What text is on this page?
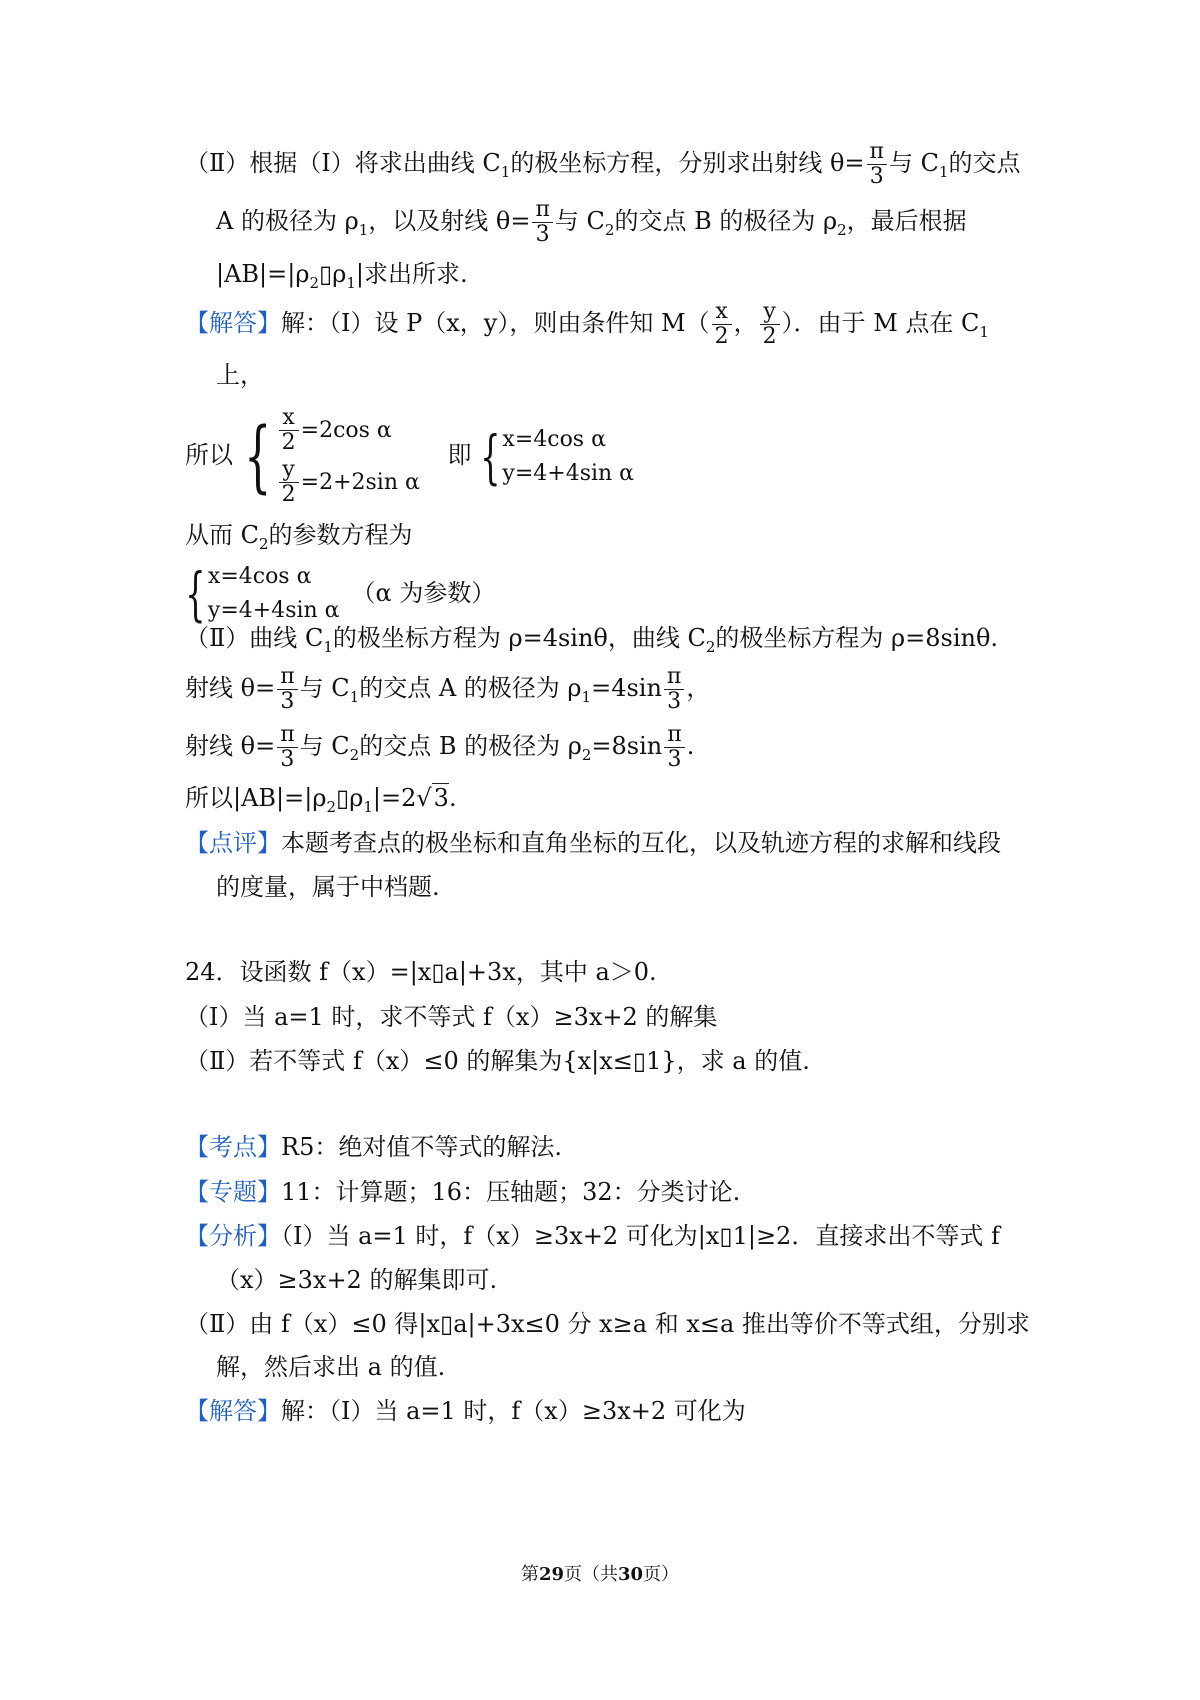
（Ⅱ）根据（Ⅰ）将求出曲线 $C_1$的极坐标方程，分别求出射线 $\theta= \frac{\pi}{3}$ 与 $C_1$的交点
A 的极径为 $\rho_1$，以及射线 $\theta= \frac{\pi}{3}$ 与 $C_2$的交点 B 的极径为 $\rho_2$，最后根据
$|AB|=|\rho_2▯\rho_1|$求出所求.
【解答】解：（Ⅰ）设 P（x，y），则由条件知 $M( \frac{x}{2}$ ， $\frac{y}{2}$ ）．由于 M 点在 $C_1$
上，
所以 { $\frac{x}{2} =2\cos$ α
$\frac{y}{2} =2+2\sin$ α
即 { x=4cos α
y=4+4sin α
从而 $C_2$的参数方程为
{ x=4cos α
y=4+4sin α
（α 为参数）
（Ⅱ）曲线 $C_1$的极坐标方程为 ρ=4sinθ，曲线 $C_2$的极坐标方程为 ρ=8sinθ.
射线 $\theta= \frac{\pi}{3}$ 与 $C_1$的交点 A 的极径为 $\rho_1=4\sin \frac{\pi}{3}$ ，
射线 $\theta= \frac{\pi}{3}$ 与 $C_2$的交点 B 的极径为 $\rho_2=8\sin \frac{\pi}{3}$ .
所以$|AB|=|\rho_2▯\rho_1|=2√3$.
【点评】本题考查点的极坐标和直角坐标的互化，以及轨迹方程的求解和线段
的度量，属于中档题.
24．设函数 f（x）=|x▯a|+3x，其中 a＞0.
（Ⅰ）当 a=1 时，求不等式 f（x）≥3x+2 的解集
（Ⅱ）若不等式 f（x）≤0 的解集为{x|x≤▯1}，求 a 的值.
【考点】R5：绝对值不等式的解法.
【专题】11：计算题；16：压轴题；32：分类讨论.
【分析】（Ⅰ）当 a=1 时，f（x）≥3x+2 可化为|x▯1|≥2．直接求出不等式 f
（x）≥3x+2 的解集即可.
（Ⅱ）由 f（x）≤0 得|x▯a|+3x≤0 分 x≥a 和 x≤a 推出等价不等式组，分别求
解，然后求出 a 的值.
【解答】解：（Ⅰ）当 a=1 时，f（x）≥3x+2 可化为
第29页（共30页）
